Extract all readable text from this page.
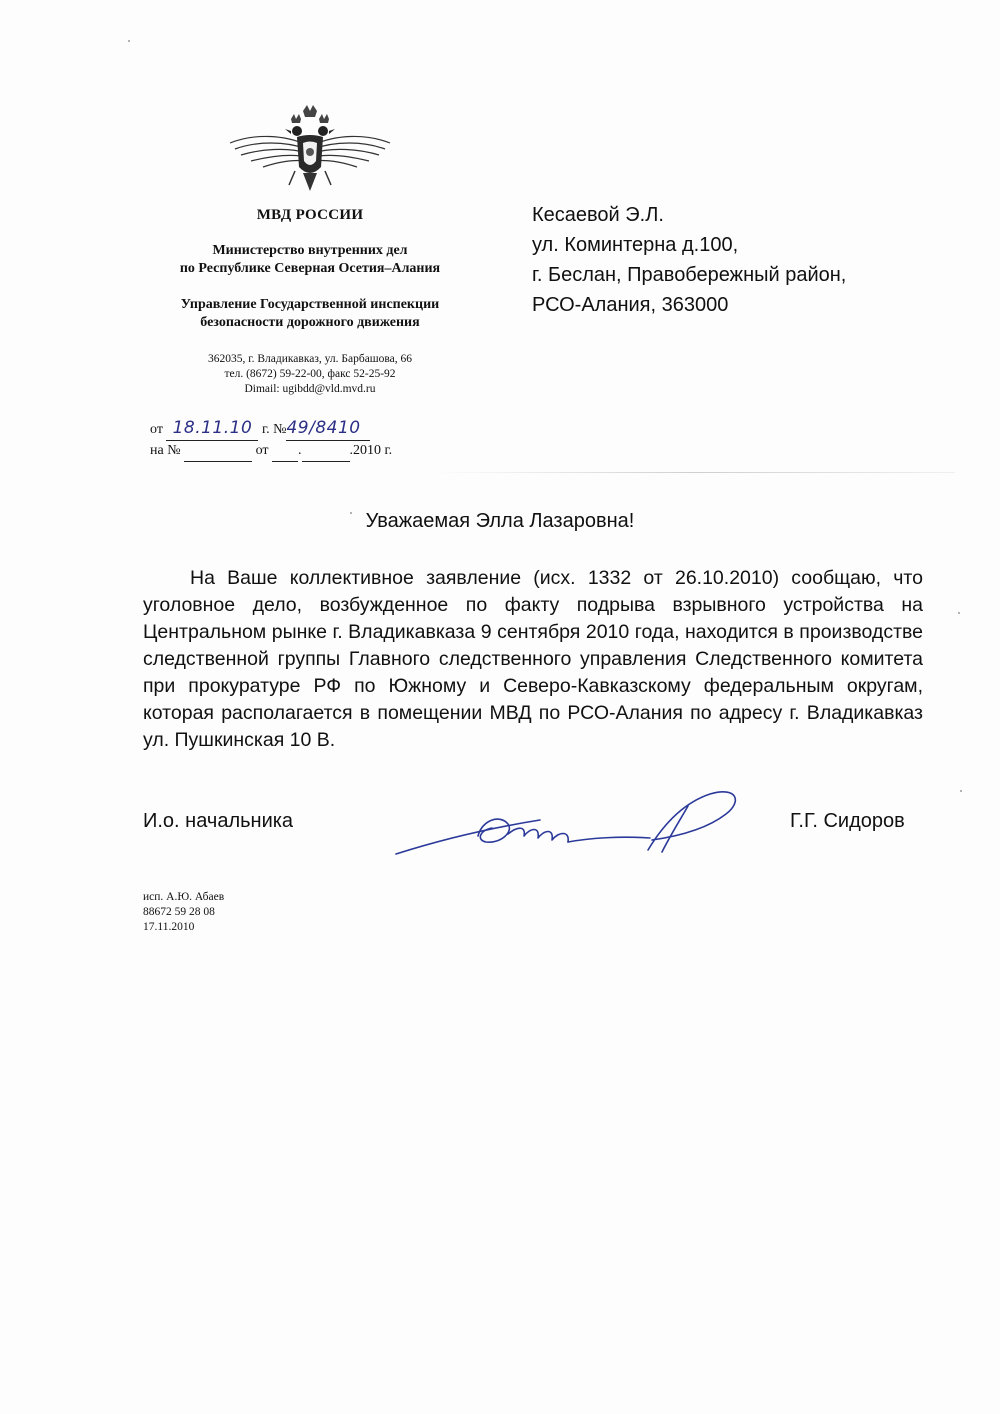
МВД РОССИИ
Министерство внутренних дел
по Республике Северная Осетия–Алания
Управление Государственной инспекции
безопасности дорожного движения
362035, г. Владикавказ, ул. Барбашова, 66
тел. (8672) 59-22-00, факс 52-25-92
Dimail: ugibdd@vld.mvd.ru
от 18.11.10 г. №49/8410
на №	от .	.2010 г.
Кесаевой Э.Л.
ул. Коминтерна д.100,
г. Беслан, Правобережный район,
РСО-Алания, 363000
Уважаемая Элла Лазаровна!
На Ваше коллективное заявление (исх. 1332 от 26.10.2010) сообщаю, что уголовное дело, возбужденное по факту подрыва взрывного устройства на Центральном рынке г. Владикавказа 9 сентября 2010 года, находится в производстве следственной группы Главного следственного управления Следственного комитета при прокуратуре РФ по Южному и Северо-Кавказскому федеральным округам, которая располагается в помещении МВД по РСО-Алания по адресу г. Владикавказ ул. Пушкинская 10 В.
И.о. начальника	Г.Г. Сидоров
исп. А.Ю. Абаев
88672 59 28 08
17.11.2010
